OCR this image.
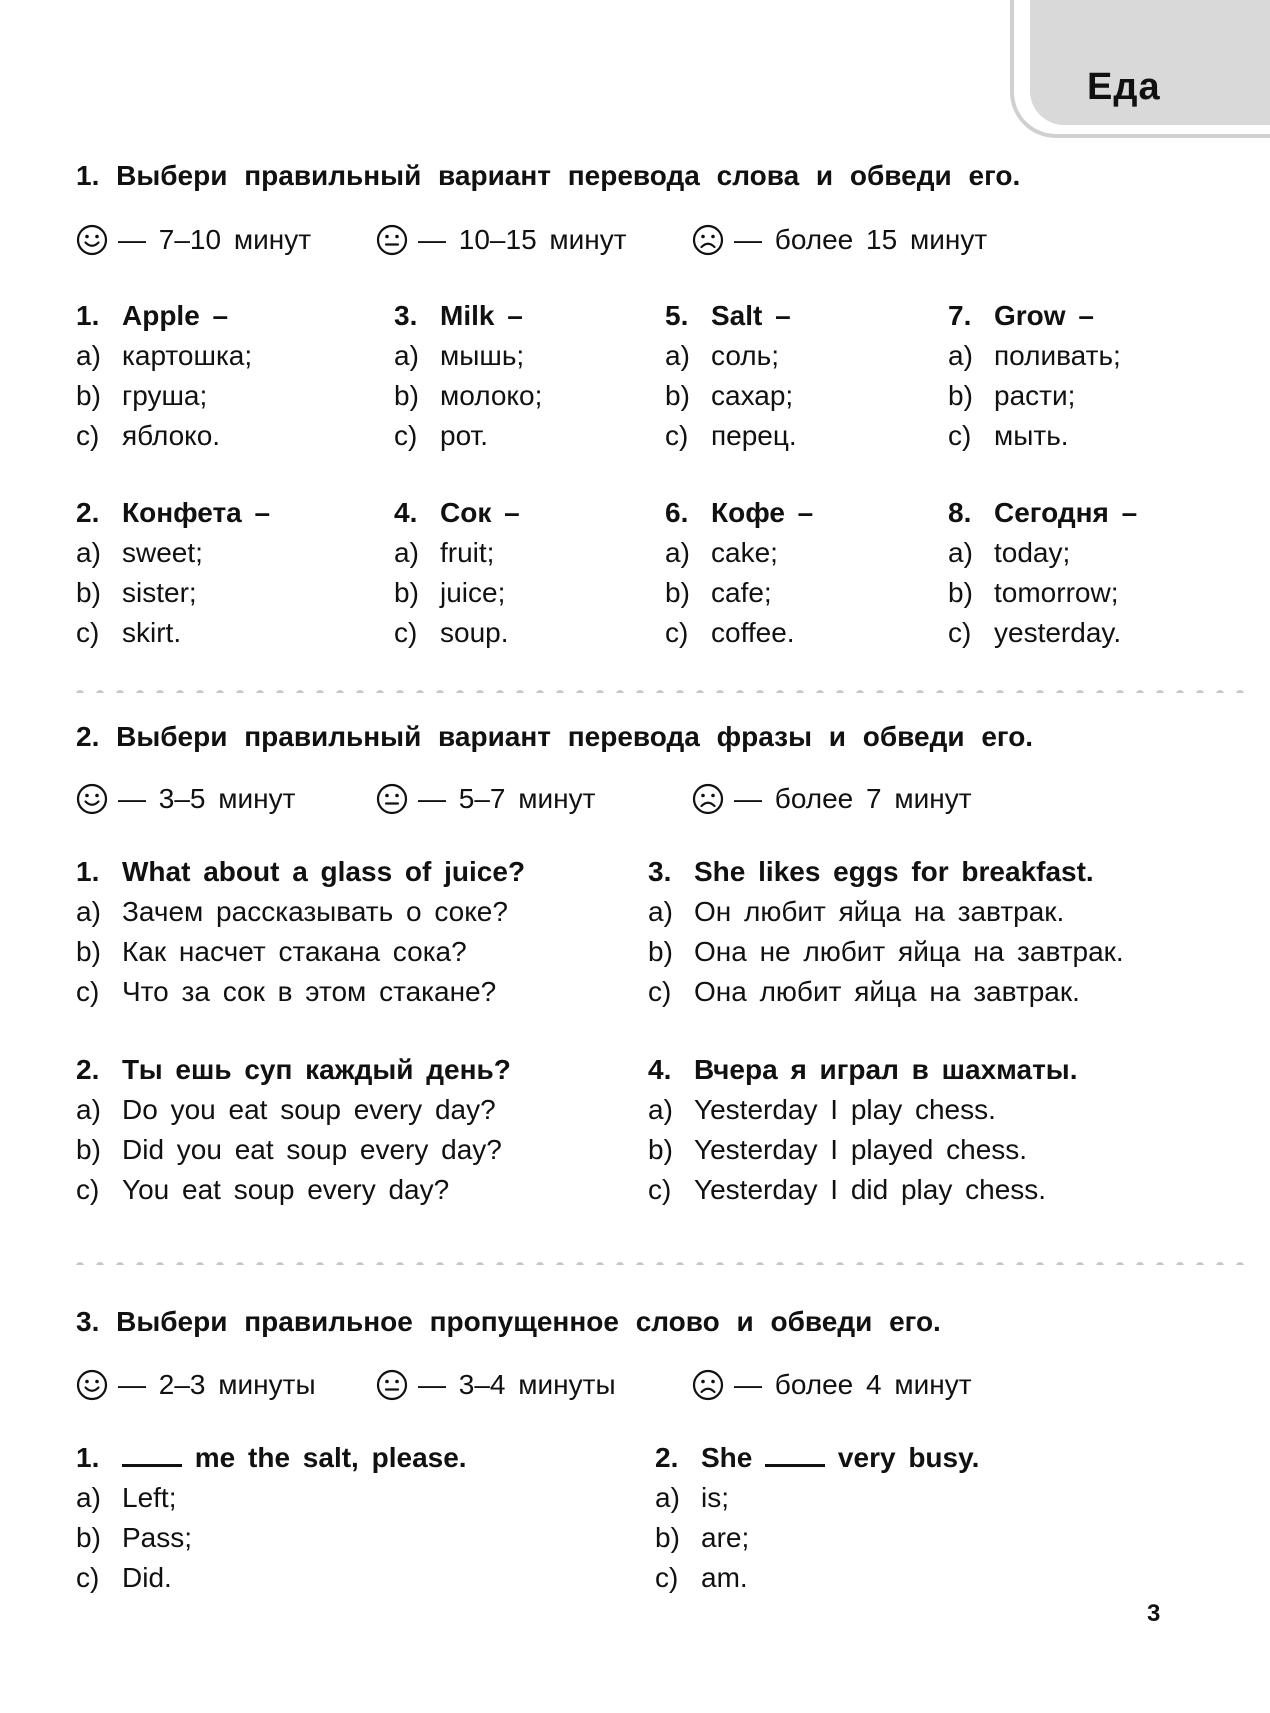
Еда
1. Выбери правильный вариант перевода слова и обведи его.
— 7–10 минут	— 10–15 минут	— более 15 минут
1. Apple –
a) картошка;
b) груша;
c) яблоко.
2. Конфета –
a) sweet;
b) sister;
c) skirt.
3. Milk –
a) мышь;
b) молоко;
c) рот.
4. Сок –
a) fruit;
b) juice;
c) soup.
5. Salt –
a) соль;
b) сахар;
c) перец.
6. Кофе –
a) cake;
b) cafe;
c) coffee.
7. Grow –
a) поливать;
b) расти;
c) мыть.
8. Сегодня –
a) today;
b) tomorrow;
c) yesterday.
2. Выбери правильный вариант перевода фразы и обведи его.
— 3–5 минут	— 5–7 минут	— более 7 минут
1. What about a glass of juice?
a) Зачем рассказывать о соке?
b) Как насчет стакана сока?
c) Что за сок в этом стакане?
2. Ты ешь суп каждый день?
a) Do you eat soup every day?
b) Did you eat soup every day?
c) You eat soup every day?
3. She likes eggs for breakfast.
a) Он любит яйца на завтрак.
b) Она не любит яйца на завтрак.
c) Она любит яйца на завтрак.
4. Вчера я играл в шахматы.
a) Yesterday I play chess.
b) Yesterday I played chess.
c) Yesterday I did play chess.
3. Выбери правильное пропущенное слово и обведи его.
— 2–3 минуты	— 3–4 минуты	— более 4 минут
1.	me the salt, please.
a) Left;
b) Pass;
c) Did.
2. She	very busy.
a) is;
b) are;
c) am.
3
